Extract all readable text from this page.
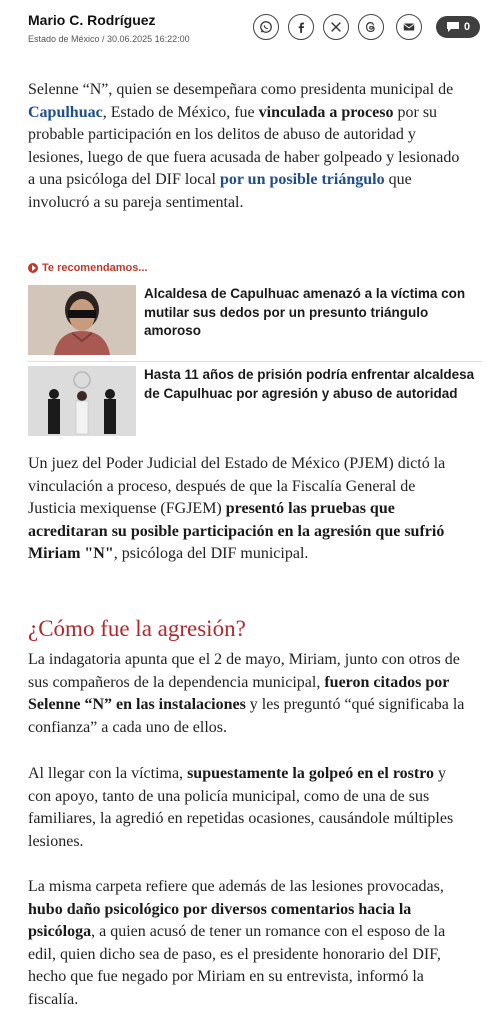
Mario C. Rodríguez
Estado de México / 30.06.2025 16:22:00
0

Selenne “N”, quien se desempeñara como presidenta municipal de Capulhuac, Estado de México, fue vinculada a proceso por su probable participación en los delitos de abuso de autoridad y lesiones, luego de que fuera acusada de haber golpeado y lesionado a una psicóloga del DIF local por un posible triángulo que involucró a su pareja sentimental.

Te recomendamos...
Alcaldesa de Capulhuac amenazó a la víctima con mutilar sus dedos por un presunto triángulo amoroso
Hasta 11 años de prisión podría enfrentar alcaldesa de Capulhuac por agresión y abuso de autoridad

Un juez del Poder Judicial del Estado de México (PJEM) dictó la vinculación a proceso, después de que la Fiscalía General de Justicia mexiquense (FGJEM) presentó las pruebas que acreditaran su posible participación en la agresión que sufrió Miriam "N", psicóloga del DIF municipal.

¿Cómo fue la agresión?

La indagatoria apunta que el 2 de mayo, Miriam, junto con otros de sus compañeros de la dependencia municipal, fueron citados por Selenne “N” en las instalaciones y les preguntó “qué significaba la confianza” a cada uno de ellos.

Al llegar con la víctima, supuestamente la golpeó en el rostro y con apoyo, tanto de una policía municipal, como de una de sus familiares, la agredió en repetidas ocasiones, causándole múltiples lesiones.

La misma carpeta refiere que además de las lesiones provocadas, hubo daño psicológico por diversos comentarios hacia la psicóloga, a quien acusó de tener un romance con el esposo de la edil, quien dicho sea de paso, es el presidente honorario del DIF, hecho que fue negado por Miriam en su entrevista, informó la fiscalía.
